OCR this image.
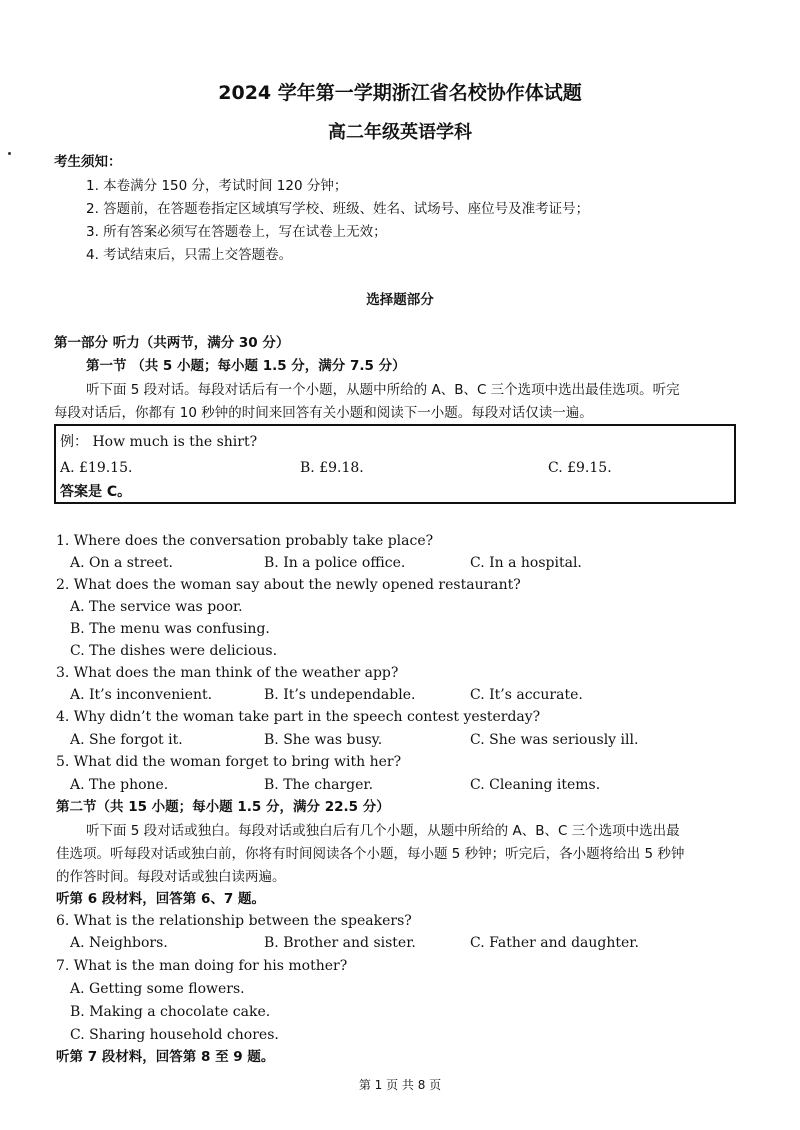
2024 学年第一学期浙江省名校协作体试题
高二年级英语学科
考生须知：
1. 本卷满分 150 分，考试时间 120 分钟；
2. 答题前，在答题卷指定区域填写学校、班级、姓名、试场号、座位号及准考证号；
3. 所有答案必须写在答题卷上，写在试卷上无效；
4. 考试结束后，只需上交答题卷。
选择题部分
第一部分 听力（共两节，满分 30 分）
第一节 （共 5 小题；每小题 1.5 分，满分 7.5 分）
听下面 5 段对话。每段对话后有一个小题，从题中所给的 A、B、C 三个选项中选出最佳选项。听完
每段对话后，你都有 10 秒钟的时间来回答有关小题和阅读下一小题。每段对话仅读一遍。
例： How much is the shirt?
A. £19.15.	B. £9.18.	C. £9.15.
答案是 C。
1. Where does the conversation probably take place?
A. On a street.	B. In a police office.	C. In a hospital.
2. What does the woman say about the newly opened restaurant?
A. The service was poor.
B. The menu was confusing.
C. The dishes were delicious.
3. What does the man think of the weather app?
A. It’s inconvenient.	B. It’s undependable.	C. It’s accurate.
4. Why didn’t the woman take part in the speech contest yesterday?
A. She forgot it.	B. She was busy.	C. She was seriously ill.
5. What did the woman forget to bring with her?
A. The phone.	B. The charger.	C. Cleaning items.
第二节（共 15 小题；每小题 1.5 分，满分 22.5 分）
听下面 5 段对话或独白。每段对话或独白后有几个小题，从题中所给的 A、B、C 三个选项中选出最
佳选项。听每段对话或独白前，你将有时间阅读各个小题，每小题 5 秒钟；听完后，各小题将给出 5 秒钟
的作答时间。每段对话或独白读两遍。
听第 6 段材料，回答第 6、7 题。
6. What is the relationship between the speakers?
A. Neighbors.	B. Brother and sister.	C. Father and daughter.
7. What is the man doing for his mother?
A. Getting some flowers.
B. Making a chocolate cake.
C. Sharing household chores.
听第 7 段材料，回答第 8 至 9 题。
第 1 页 共 8 页
